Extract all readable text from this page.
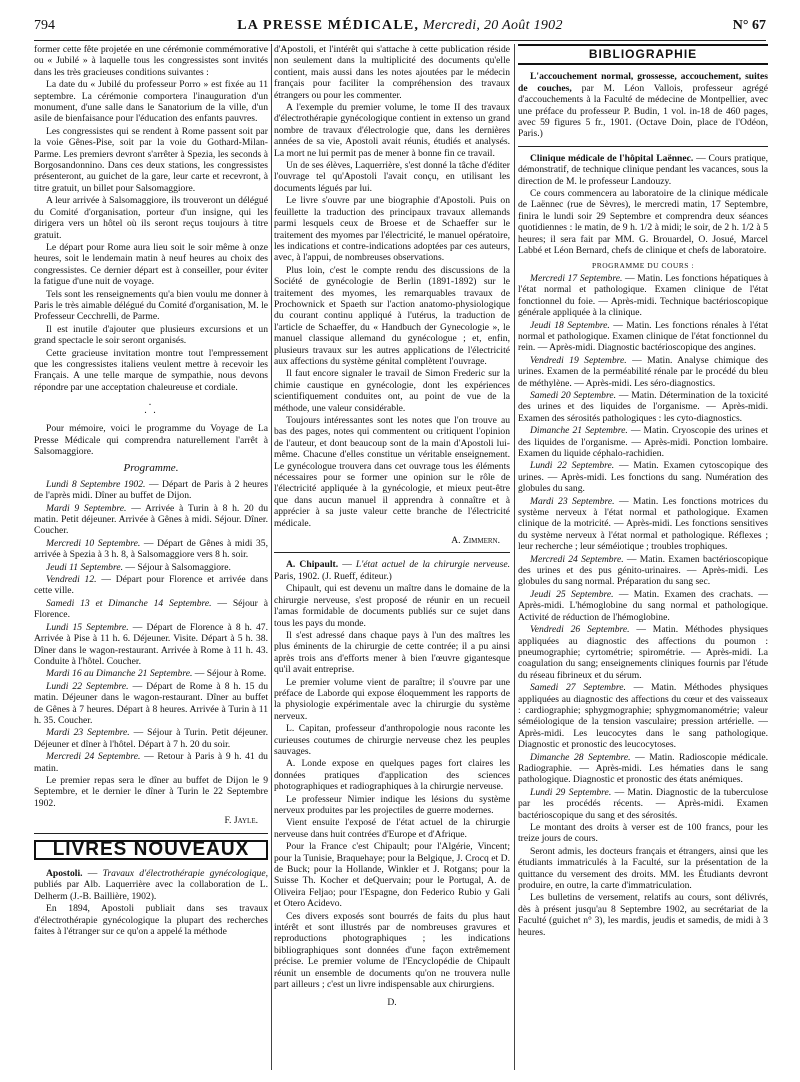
794	LA PRESSE MÉDICALE, Mercredi, 20 Août 1902	N° 67

former cette fête projetée en une cérémonie commémorative ou « Jubilé » à laquelle tous les congressistes sont invités dans les très gracieuses conditions suivantes :

La date du « Jubilé du professeur Porro » est fixée au 11 septembre. La cérémonie comportera l'inauguration d'un monument, d'une salle dans le Sanatorium de la ville, d'un asile de bienfaisance pour l'éducation des enfants pauvres.

Les congressistes qui se rendent à Rome passent soit par la voie Gênes-Pise, soit par la voie du Gothard-Milan-Parme. Les premiers devront s'arrêter à Spezia, les seconds à Borgosandonnino. Dans ces deux stations, les congressistes présenteront, au guichet de la gare, leur carte et recevront, à titre gratuit, un billet pour Salsomaggiore.

A leur arrivée à Salsomaggiore, ils trouveront un délégué du Comité d'organisation, porteur d'un insigne, qui les dirigera vers un hôtel où ils seront reçus toujours à titre gratuit.

Le départ pour Rome aura lieu soit le soir même à onze heures, soit le lendemain matin à neuf heures au choix des congressistes. Ce dernier départ est à conseiller, pour éviter la fatigue d'une nuit de voyage.

Tels sont les renseignements qu'a bien voulu me donner à Paris le très aimable délégué du Comité d'organisation, M. le Professeur Cecchrelli, de Parme.

Il est inutile d'ajouter que plusieurs excursions et un grand spectacle le soir seront organisés.

Cette gracieuse invitation montre tout l'empressement que les congressistes italiens veulent mettre à recevoir les Français. A une telle marque de sympathie, nous devons répondre par une acceptation chaleureuse et cordiale.

.
. .

Pour mémoire, voici le programme du Voyage de La Presse Médicale qui comprendra naturellement l'arrêt à Salsomaggiore.

Programme.

Lundi 8 Septembre 1902. — Départ de Paris à 2 heures de l'après midi. Dîner au buffet de Dijon.

Mardi 9 Septembre. — Arrivée à Turin à 8 h. 20 du matin. Petit déjeuner. Arrivée à Gênes à midi. Séjour. Dîner. Coucher.

Mercredi 10 Septembre. — Départ de Gênes à midi 35, arrivée à Spezia à 3 h. 8, à Salsomaggiore vers 8 h. soir.

Jeudi 11 Septembre. — Séjour à Salsomaggiore.

Vendredi 12. — Départ pour Florence et arrivée dans cette ville.

Samedi 13 et Dimanche 14 Septembre. — Séjour à Florence.

Lundi 15 Septembre. — Départ de Florence à 8 h. 47. Arrivée à Pise à 11 h. 6. Déjeuner. Visite. Départ à 5 h. 38. Dîner dans le wagon-restaurant. Arrivée à Rome à 11 h. 43. Conduite à l'hôtel. Coucher.

Mardi 16 au Dimanche 21 Septembre. — Séjour à Rome.

Lundi 22 Septembre. — Départ de Rome à 8 h. 15 du matin. Déjeuner dans le wagon-restaurant. Dîner au buffet de Gênes à 7 heures. Départ à 8 heures. Arrivée à Turin à 11 h. 35. Coucher.

Mardi 23 Septembre. — Séjour à Turin. Petit déjeuner. Déjeuner et dîner à l'hôtel. Départ à 7 h. 20 du soir.

Mercredi 24 Septembre. — Retour à Paris à 9 h. 41 du matin.

Le premier repas sera le dîner au buffet de Dijon le 9 Septembre, et le dernier le dîner à Turin le 22 Septembre 1902.

F. Jayle.
LIVRES NOUVEAUX

Apostoli. — Travaux d'électrothérapie gynécologique, publiés par Alb. Laquerrière avec la collaboration de L. Delherm (J.-B. Baillière, 1902).

En 1894, Apostoli publiait dans ses travaux d'électrothérapie gynécologique la plupart des recherches faites à l'étranger sur ce qu'on a appelé la méthode

d'Apostoli, et l'intérêt qui s'attache à cette publication réside non seulement dans la multiplicité des documents qu'elle contient, mais aussi dans les notes ajoutées par le médecin français pour faciliter la compréhension des travaux étrangers ou pour les commenter.

A l'exemple du premier volume, le tome II des travaux d'électrothérapie gynécologique contient in extenso un grand nombre de travaux d'électrologie que, dans les dernières années de sa vie, Apostoli avait réunis, étudiés et analysés. La mort ne lui permit pas de mener à bonne fin ce travail.

Un de ses élèves, Laquerrière, s'est donné la tâche d'éditer l'ouvrage tel qu'Apostoli l'avait conçu, en utilisant les documents légués par lui.

Le livre s'ouvre par une biographie d'Apostoli. Puis on feuillette la traduction des principaux travaux allemands parmi lesquels ceux de Broese et de Schaeffer sur le traitement des myomes par l'électricité, le manuel opératoire, les indications et contre-indications adoptées par ces auteurs, avec, à l'appui, de nombreuses observations.

Plus loin, c'est le compte rendu des discussions de la Société de gynécologie de Berlin (1891-1892) sur le traitement des myomes, les remarquables travaux de Prochownick et Spaeth sur l'action anatomo-physiologique du courant continu appliqué à l'utérus, la traduction de l'article de Schaeffer, du « Handbuch der Gynecologie », le manuel classique allemand du gynécologue ; et, enfin, plusieurs travaux sur les autres applications de l'électricité aux affections du système génital complètent l'ouvrage.

Il faut encore signaler le travail de Simon Frederic sur la chimie caustique en gynécologie, dont les expériences scientifiquement conduites ont, au point de vue de la méthode, une valeur considérable.

Toujours intéressantes sont les notes que l'on trouve au bas des pages, notes qui commentent ou critiquent l'opinion de l'auteur, et dont beaucoup sont de la main d'Apostoli lui-même. Chacune d'elles constitue un véritable enseignement. Le gynécologue trouvera dans cet ouvrage tous les éléments nécessaires pour se former une opinion sur le rôle de l'électricité appliquée à la gynécologie, et mieux peut-être que dans aucun manuel il apprendra à connaître et à apprécier à sa juste valeur cette branche de l'électricité médicale.

A. Zimmern.

A. Chipault. — L'état actuel de la chirurgie nerveuse. Paris, 1902. (J. Rueff, éditeur.)

Chipault, qui est devenu un maître dans le domaine de la chirurgie nerveuse, s'est proposé de réunir en un recueil l'amas formidable de documents publiés sur ce sujet dans tous les pays du monde.

Il s'est adressé dans chaque pays à l'un des maîtres les plus éminents de la chirurgie de cette contrée; il a pu ainsi après trois ans d'efforts mener à bien l'œuvre gigantesque qu'il avait entreprise.

Le premier volume vient de paraître; il s'ouvre par une préface de Laborde qui expose éloquemment les rapports de la physiologie expérimentale avec la chirurgie du système nerveux.

L. Capitan, professeur d'anthropologie nous raconte les curieuses coutumes de chirurgie nerveuse chez les peuples sauvages.

A. Londe expose en quelques pages fort claires les données pratiques d'application des sciences photographiques et radiographiques à la chirurgie nerveuse.

Le professeur Nimier indique les lésions du système nerveux produites par les projectiles de guerre modernes.

Vient ensuite l'exposé de l'état actuel de la chirurgie nerveuse dans huit contrées d'Europe et d'Afrique.

Pour la France c'est Chipault; pour l'Algérie, Vincent; pour la Tunisie, Braquehaye; pour la Belgique, J. Crocq et D. de Buck; pour la Hollande, Winkler et J. Rotgans; pour la Suisse Th. Kocher et deQuervain; pour le Portugal, A. de Oliveira Feljao; pour l'Espagne, don Federico Rubio y Gali et Otero Acidevo.

Ces divers exposés sont bourrés de faits du plus haut intérêt et sont illustrés par de nombreuses gravures et reproductions photographiques ; les indications bibliographiques sont données d'une façon extrêmement précise. Le premier volume de l'Encyclopédie de Chipault réunit un ensemble de documents qu'on ne trouvera nulle part ailleurs ; c'est un livre indispensable aux chirurgiens.

D.
BIBLIOGRAPHIE

L'accouchement normal, grossesse, accouchement, suites de couches, par M. Léon Vallois, professeur agrégé d'accouchements à la Faculté de médecine de Montpellier, avec une préface du professeur P. Budin, 1 vol. in-18 de 460 pages, avec 59 figures 5 fr., 1901. (Octave Doin, place de l'Odéon, Paris.)

Clinique médicale de l'hôpital Laënnec. — Cours pratique, démonstratif, de technique clinique pendant les vacances, sous la direction de M. le professeur Landouzy.

Ce cours commencera au laboratoire de la clinique médicale de Laënnec (rue de Sèvres), le mercredi matin, 17 Septembre, finira le lundi soir 29 Septembre et comprendra deux séances quotidiennes : le matin, de 9 h. 1/2 à midi; le soir, de 2 h. 1/2 à 5 heures; il sera fait par MM. G. Brouardel, O. Josué, Marcel Labbé et Léon Bernard, chefs de clinique et chefs de laboratoire.

PROGRAMME DU COURS :

Mercredi 17 Septembre. — Matin. Les fonctions hépatiques à l'état normal et pathologique. Examen clinique de l'état fonctionnel du foie. — Après-midi. Technique bactérioscopique générale appliquée à la clinique.

Jeudi 18 Septembre. — Matin. Les fonctions rénales à l'état normal et pathologique. Examen clinique de l'état fonctionnel du rein. — Après-midi. Diagnostic bactérioscopique des angines.

Vendredi 19 Septembre. — Matin. Analyse chimique des urines. Examen de la perméabilité rénale par le procédé du bleu de méthylène. — Après-midi. Les séro-diagnostics.

Samedi 20 Septembre. — Matin. Détermination de la toxicité des urines et des liquides de l'organisme. — Après-midi. Examen des sérosités pathologiques : les cyto-diagnostics.

Dimanche 21 Septembre. — Matin. Cryoscopie des urines et des liquides de l'organisme. — Après-midi. Ponction lombaire. Examen du liquide céphalo-rachidien.

Lundi 22 Septembre. — Matin. Examen cytoscopique des urines. — Après-midi. Les fonctions du sang. Numération des globules du sang.

Mardi 23 Septembre. — Matin. Les fonctions motrices du système nerveux à l'état normal et pathologique. Examen clinique de la motricité. — Après-midi. Les fonctions sensitives du système nerveux à l'état normal et pathologique. Réflexes ; leur recherche ; leur séméiotique ; troubles trophiques.

Mercredi 24 Septembre. — Matin. Examen bactérioscopique des urines et des pus génito-urinaires. — Après-midi. Les globules du sang normal. Préparation du sang sec.

Jeudi 25 Septembre. — Matin. Examen des crachats. — Après-midi. L'hémoglobine du sang normal et pathologique. Activité de réduction de l'hémoglobine.

Vendredi 26 Septembre. — Matin. Méthodes physiques appliquées au diagnostic des affections du poumon : pneumographie; cyrtométrie; spirométrie. — Après-midi. La coagulation du sang; enseignements cliniques fournis par l'étude du réseau fibrineux et du sérum.

Samedi 27 Septembre. — Matin. Méthodes physiques appliquées au diagnostic des affections du cœur et des vaisseaux : cardiographie; sphygmographie; sphygmomanométrie; valeur séméiologique de la tension vasculaire; pression artérielle. — Après-midi. Les leucocytes dans le sang pathologique. Diagnostic et pronostic des leucocytoses.

Dimanche 28 Septembre. — Matin. Radioscopie médicale. Radiographie. — Après-midi. Les hématies dans le sang pathologique. Diagnostic et pronostic des états anémiques.

Lundi 29 Septembre. — Matin. Diagnostic de la tuberculose par les procédés récents. — Après-midi. Examen bactérioscopique du sang et des sérosités.

Le montant des droits à verser est de 100 francs, pour les treize jours de cours.

Seront admis, les docteurs français et étrangers, ainsi que les étudiants immatriculés à la Faculté, sur la présentation de la quittance du versement des droits. MM. les Étudiants devront produire, en outre, la carte d'immatriculation.

Les bulletins de versement, relatifs au cours, sont délivrés, dès à présent jusqu'au 8 Septembre 1902, au secrétariat de la Faculté (guichet n° 3), les mardis, jeudis et samedis, de midi à 3 heures.
